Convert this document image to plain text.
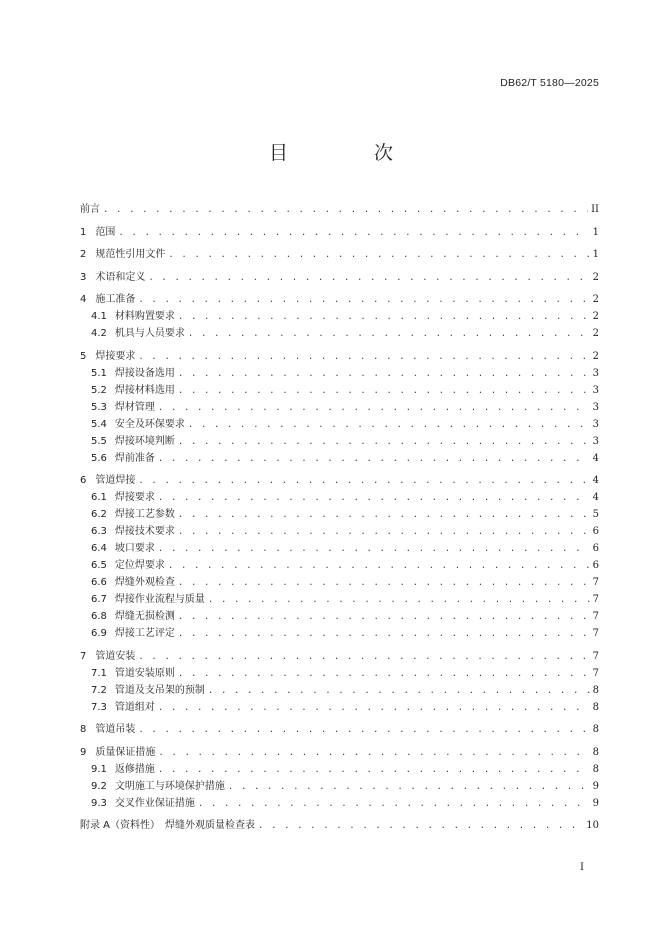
DB62/T 5180—2025
目 次
前言 . . .	II
1 范围 . . .	1
2 规范性引用文件 . . .	1
3 术语和定义 . . .	2
4 施工准备 . . .	2
4.1 材料购置要求 . . .	2
4.2 机具与人员要求 . . .	2
5 焊接要求 . . .	2
5.1 焊接设备选用 . . .	3
5.2 焊接材料选用 . . .	3
5.3 焊材管理 . . .	3
5.4 安全及环保要求 . . .	3
5.5 焊接环境判断 . . .	3
5.6 焊前准备 . . .	4
6 管道焊接 . . .	4
6.1 焊接要求 . . .	4
6.2 焊接工艺参数 . . .	5
6.3 焊接技术要求 . . .	6
6.4 坡口要求 . . .	6
6.5 定位焊要求 . . .	6
6.6 焊缝外观检查 . . .	7
6.7 焊接作业流程与质量 . . .	7
6.8 焊缝无损检测 . . .	7
6.9 焊接工艺评定 . . .	7
7 管道安装 . . .	7
7.1 管道安装原则 . . .	7
7.2 管道及支吊架的预制 . . .	8
7.3 管道组对 . . .	8
8 管道吊装 . . .	8
9 质量保证措施 . . .	8
9.1 返修措施 . . .	8
9.2 文明施工与环境保护措施 . . .	9
9.3 交叉作业保证措施 . . .	9
附录 A（资料性）　焊缝外观质量检查表 . . .	10
I
